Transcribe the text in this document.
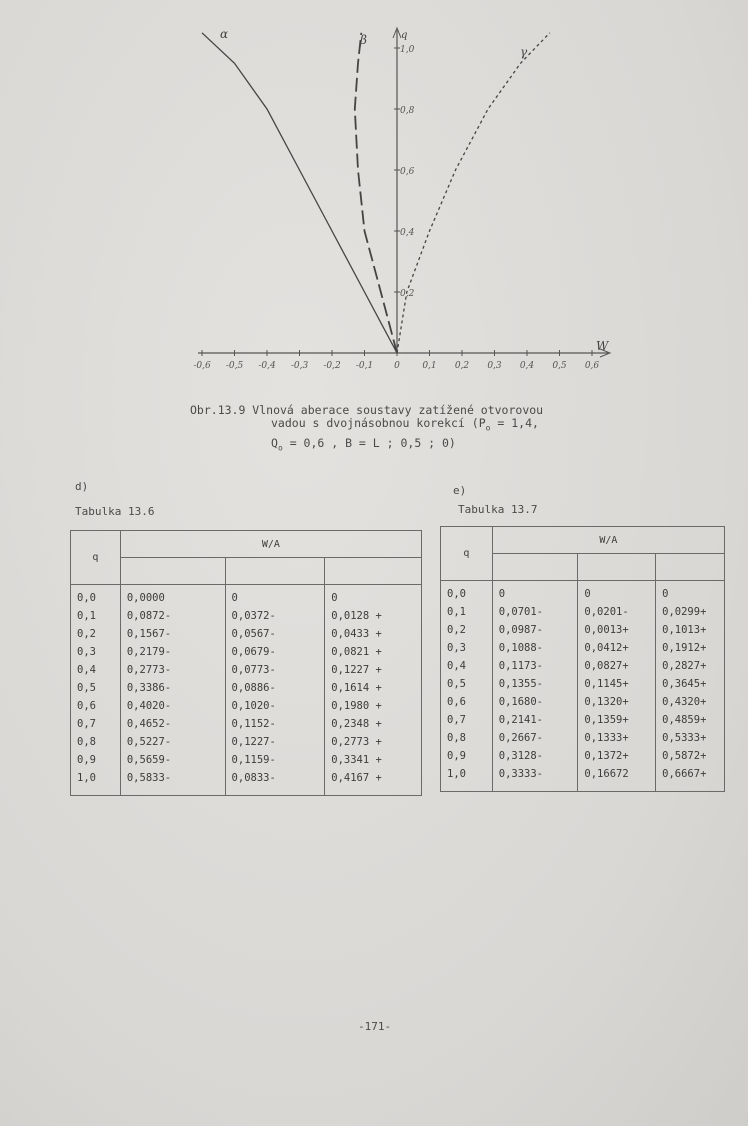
W
q
-0,6 -0,5 -0,4 -0,3 -0,2 -0,1 0 0,1 0,2 0,3 0,4 0,5 0,6
0,2
0,4
0,6
0,8
1,0
α	β
γ
Obr.13.9 Vlnová aberace soustavy zatížené otvorovou
vadou s dvojnásobnou korekcí ($P_o = 1,4$,
$Q_o = 0,6$ , B = L ; 0,5 ; 0)
d)
Tabulka 13.6
e)
Tabulka 13.7
q	W/A		

0,0	0,0000	0	0
0,1	0,0872-	0,0372-	0,0128 +
0,2	0,1567-	0,0567-	0,0433 +
0,3	0,2179-	0,0679-	0,0821 +
0,4	0,2773-	0,0773-	0,1227 +
0,5	0,3386-	0,0886-	0,1614 +
0,6	0,4020-	0,1020-	0,1980 +
0,7	0,4652-	0,1152-	0,2348 +
0,8	0,5227-	0,1227-	0,2773 +
0,9	0,5659-	0,1159-	0,3341 +
1,0	0,5833-	0,0833-	0,4167 +
q	W/A		

0,0	0	0	0
0,1	0,0701-	0,0201-	0,0299+
0,2	0,0987-	0,0013+	0,1013+
0,3	0,1088-	0,0412+	0,1912+
0,4	0,1173-	0,0827+	0,2827+
0,5	0,1355-	0,1145+	0,3645+
0,6	0,1680-	0,1320+	0,4320+
0,7	0,2141-	0,1359+	0,4859+
0,8	0,2667-	0,1333+	0,5333+
0,9	0,3128-	0,1372+	0,5872+
1,0	0,3333-	0,16672	0,6667+
-171-
